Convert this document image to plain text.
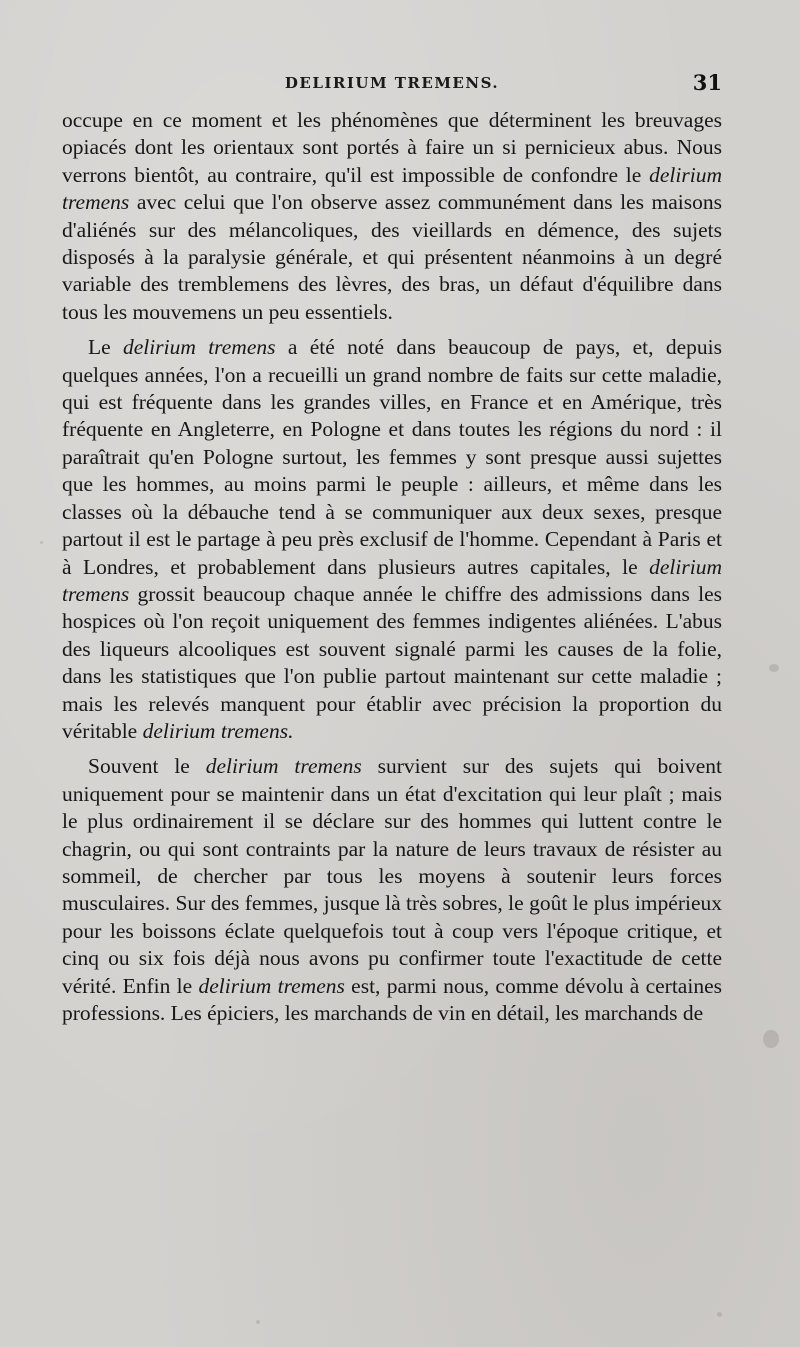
DELIRIUM TREMENS.	31

occupe en ce moment et les phénomènes que déterminent les breuvages opiacés dont les orientaux sont portés à faire un si pernicieux abus. Nous verrons bientôt, au contraire, qu'il est impossible de confondre le delirium tremens avec celui que l'on observe assez communément dans les maisons d'aliénés sur des mélancoliques, des vieillards en démence, des sujets disposés à la paralysie générale, et qui présentent néanmoins à un degré variable des tremblemens des lèvres, des bras, un défaut d'équilibre dans tous les mouvemens un peu essentiels.

Le delirium tremens a été noté dans beaucoup de pays, et, depuis quelques années, l'on a recueilli un grand nombre de faits sur cette maladie, qui est fréquente dans les grandes villes, en France et en Amérique, très fréquente en Angleterre, en Pologne et dans toutes les régions du nord : il paraîtrait qu'en Pologne surtout, les femmes y sont presque aussi sujettes que les hommes, au moins parmi le peuple : ailleurs, et même dans les classes où la débauche tend à se communiquer aux deux sexes, presque partout il est le partage à peu près exclusif de l'homme. Cependant à Paris et à Londres, et probablement dans plusieurs autres capitales, le delirium tremens grossit beaucoup chaque année le chiffre des admissions dans les hospices où l'on reçoit uniquement des femmes indigentes aliénées. L'abus des liqueurs alcooliques est souvent signalé parmi les causes de la folie, dans les statistiques que l'on publie partout maintenant sur cette maladie ; mais les relevés manquent pour établir avec précision la proportion du véritable delirium tremens.

Souvent le delirium tremens survient sur des sujets qui boivent uniquement pour se maintenir dans un état d'excitation qui leur plaît ; mais le plus ordinairement il se déclare sur des hommes qui luttent contre le chagrin, ou qui sont contraints par la nature de leurs travaux de résister au sommeil, de chercher par tous les moyens à soutenir leurs forces musculaires. Sur des femmes, jusque là très sobres, le goût le plus impérieux pour les boissons éclate quelquefois tout à coup vers l'époque critique, et cinq ou six fois déjà nous avons pu confirmer toute l'exactitude de cette vérité. Enfin le delirium tremens est, parmi nous, comme dévolu à certaines professions. Les épiciers, les marchands de vin en détail, les marchands de
